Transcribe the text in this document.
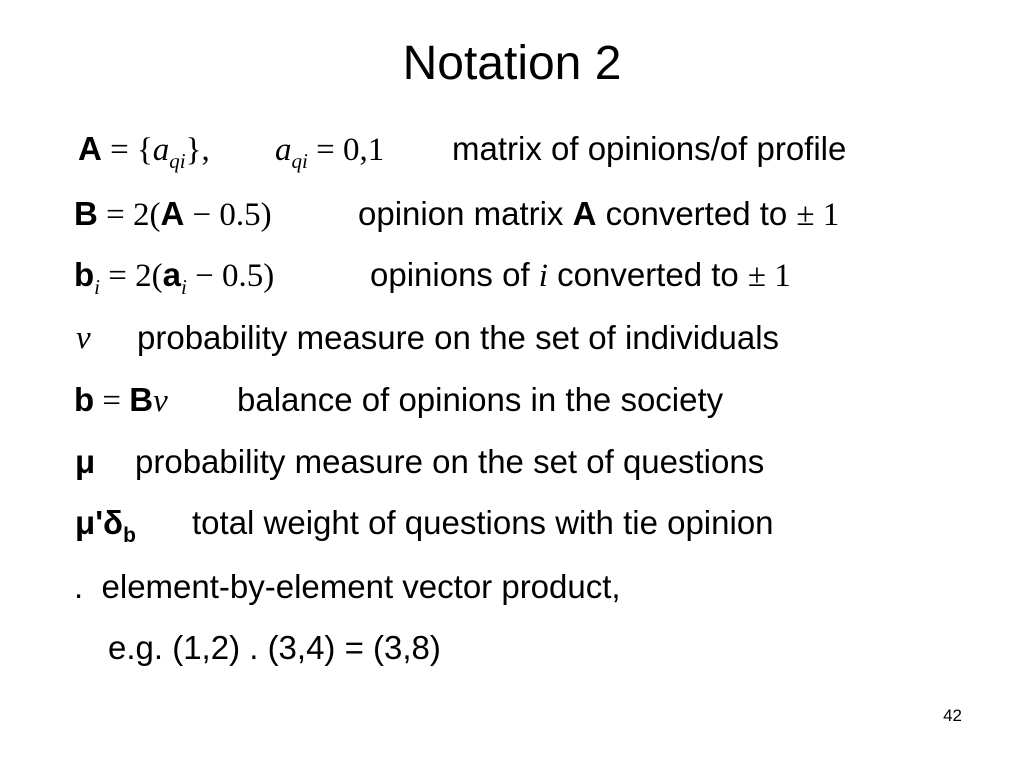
Notation 2
$A = \{a_{qi}\}$, $a_{qi} = 0,1$ matrix of opinions/of profile
B = 2(A − 0.5)	opinion matrix A converted to ± 1
$b_i = 2(a_i - 0.5)$	opinions of i converted to ± 1
ν probability measure on the set of individuals
b = Bν balance of opinions in the society
μ probability measure on the set of questions
$\mu'\delta_b$ total weight of questions with tie opinion
.  element-by-element vector product,
e.g. (1,2) . (3,4) = (3,8)
42
